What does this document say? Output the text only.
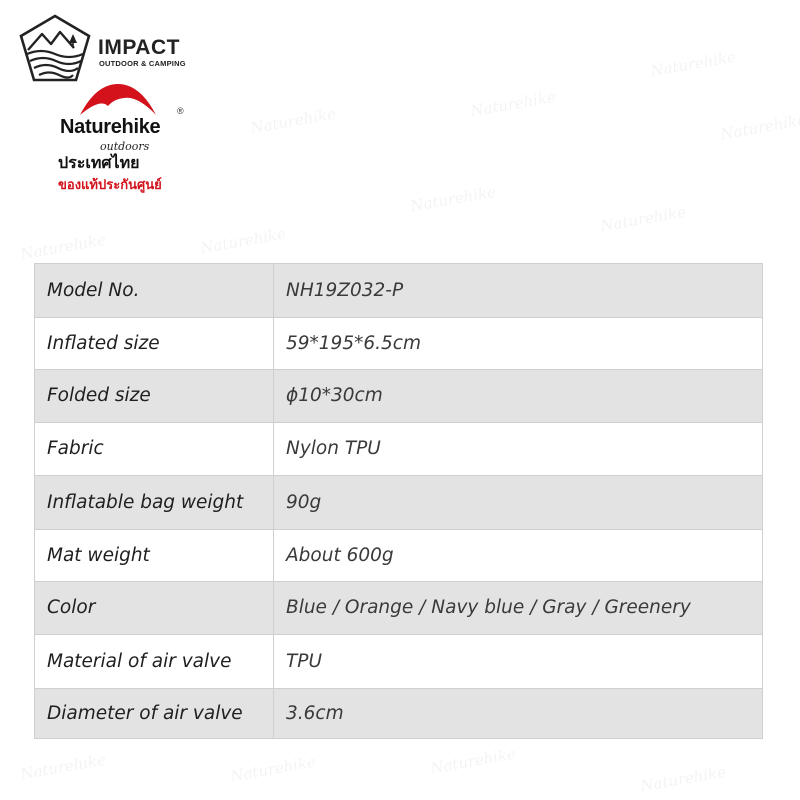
IMPACT
OUTDOOR & CAMPING
®
Naturehike
outdoors
ประเทศไทย
ของแท้ประกันศูนย์
Model No.	NH19Z032-P
Inflated size	59*195*6.5cm
Folded size	ϕ10*30cm
Fabric	Nylon TPU
Inflatable bag weight	90g
Mat weight	About 600g
Color	Blue / Orange / Navy blue / Gray / Greenery
Material of air valve	TPU
Diameter of air valve	3.6cm
